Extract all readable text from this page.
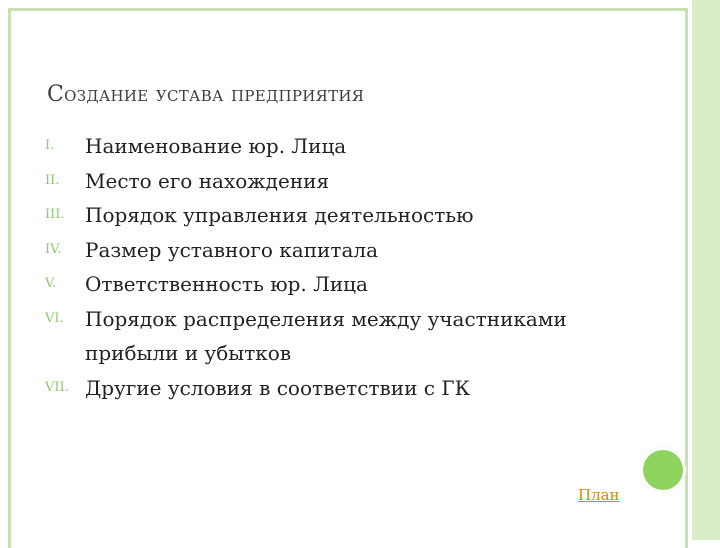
Создание устава предприятия
I. Наименование юр. Лица
II. Место его нахождения
III. Порядок управления деятельностью
IV. Размер уставного капитала
V. Ответственность юр. Лица
VI. Порядок распределения между участниками прибыли и убытков
VII. Другие условия в соответствии с ГК
План
